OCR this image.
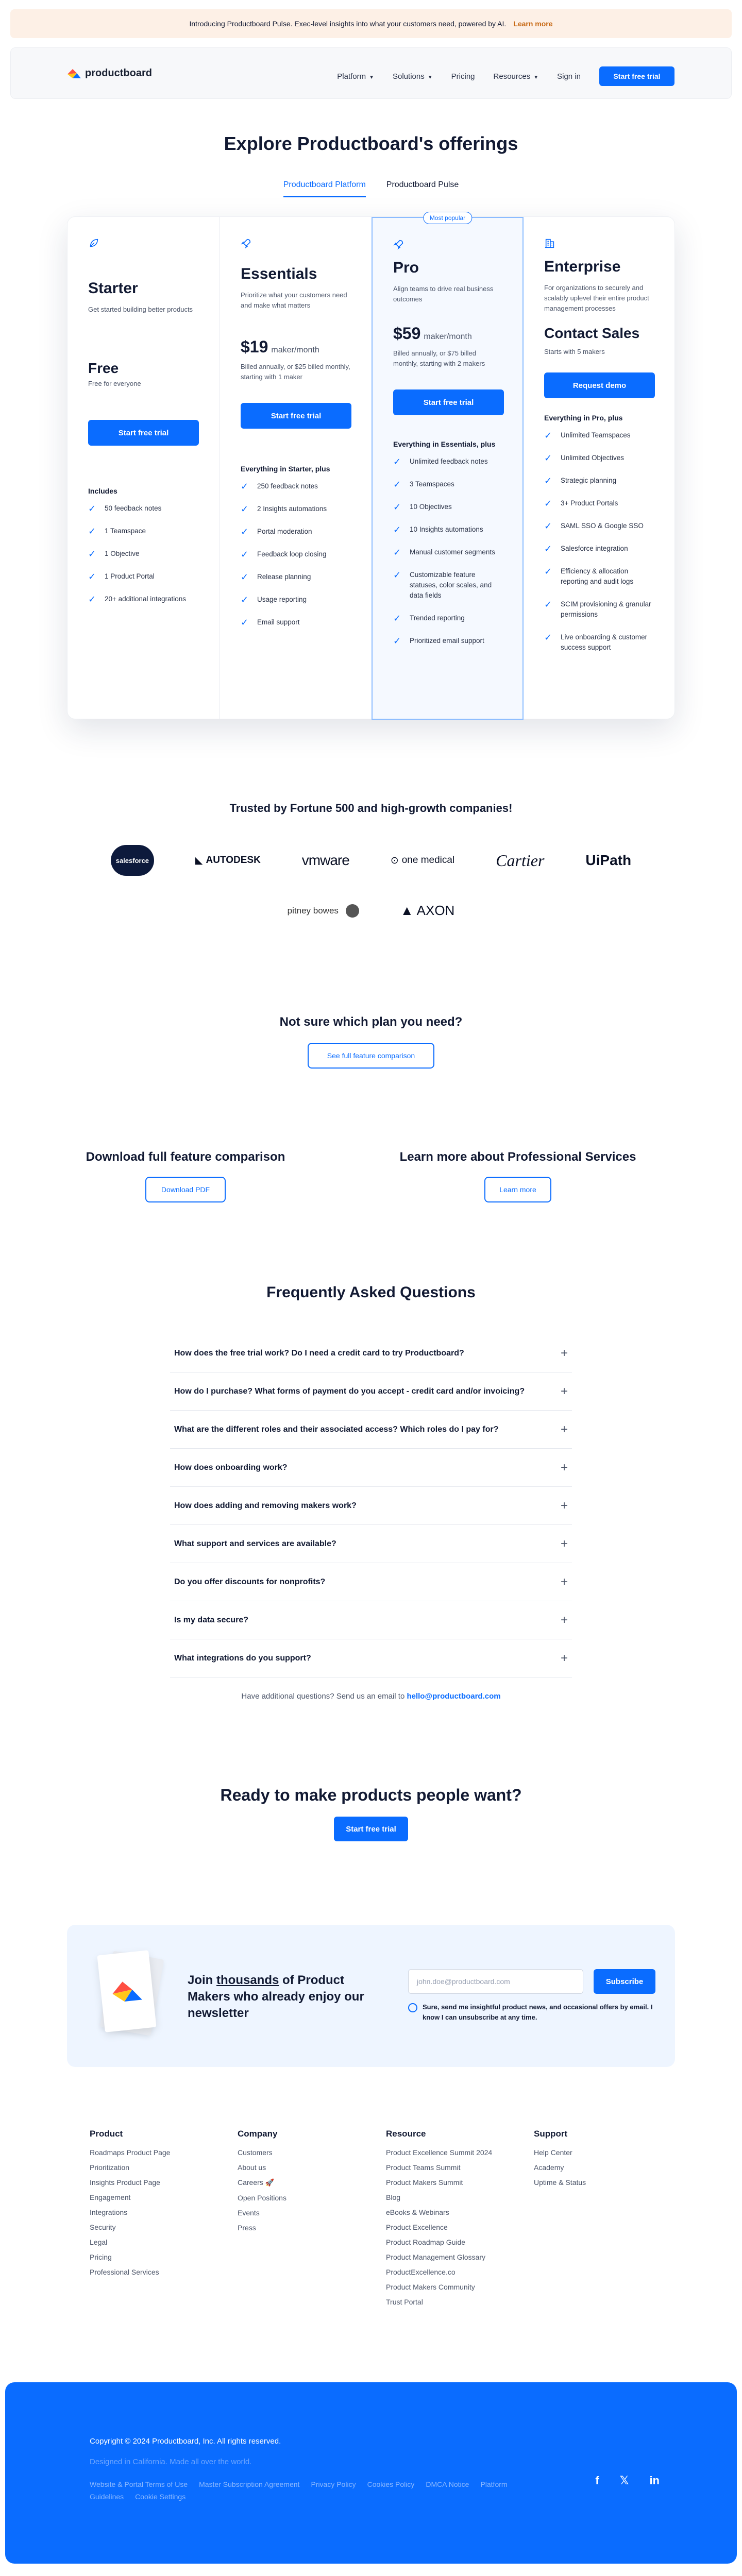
Introducing Productboard Pulse. Exec-level insights into what your customers need, powered by AI. Learn more
productboard	Platform ▼ Solutions ▼ Pricing Resources ▼ Sign in	Start free trial
Explore Productboard's offerings
Productboard Platform	Productboard Pulse
Starter
Get started building better products
Free
Free for everyone
Start free trial
Includes
✓ 50 feedback notes
✓ 1 Teamspace
✓ 1 Objective
✓ 1 Product Portal
✓ 20+ additional integrations
Essentials
Prioritize what your customers need and make what matters
$19 maker/month
Billed annually, or $25 billed monthly, starting with 1 maker
Start free trial
Everything in Starter, plus
✓ 250 feedback notes
✓ 2 Insights automations
✓ Portal moderation
✓ Feedback loop closing
✓ Release planning
✓ Usage reporting
✓ Email support
Most popular
Pro
Align teams to drive real business outcomes
$59 maker/month
Billed annually, or $75 billed monthly, starting with 2 makers
Start free trial
Everything in Essentials, plus
✓ Unlimited feedback notes
✓ 3 Teamspaces
✓ 10 Objectives
✓ 10 Insights automations
✓ Manual customer segments
✓ Customizable feature statuses, color scales, and data fields
✓ Trended reporting
✓ Prioritized email support
Enterprise
For organizations to securely and scalably uplevel their entire product management processes
Contact Sales
Starts with 5 makers
Request demo
Everything in Pro, plus
✓ Unlimited Teamspaces
✓ Unlimited Objectives
✓ Strategic planning
✓ 3+ Product Portals
✓ SAML SSO & Google SSO
✓ Salesforce integration
✓ Efficiency & allocation reporting and audit logs
✓ SCIM provisioning & granular permissions
✓ Live onboarding & customer success support
Trusted by Fortune 500 and high-growth companies!
salesforce	◣ AUTODESK	vmware	⊙ one medical	Cartier	UiPath
pitney bowes	▲ AXON
Not sure which plan you need?
See full feature comparison
Download full feature comparison
Download PDF
Learn more about Professional Services
Learn more
Frequently Asked Questions
How does the free trial work? Do I need a credit card to try Productboard?	+
How do I purchase? What forms of payment do you accept - credit card and/or invoicing?	+
What are the different roles and their associated access? Which roles do I pay for?	+
How does onboarding work?	+
How does adding and removing makers work?	+
What support and services are available?	+
Do you offer discounts for nonprofits?	+
Is my data secure?	+
What integrations do you support?	+
Have additional questions? Send us an email to hello@productboard.com
Ready to make products people want?
Start free trial
Join thousands of Product Makers who already enjoy our newsletter
john.doe@productboard.com	Subscribe
Sure, send me insightful product news, and occasional offers by email. I know I can unsubscribe at any time.
Product
Roadmaps Product Page
Prioritization
Insights Product Page
Engagement
Integrations
Security
Legal
Pricing
Professional Services
Company
Customers
About us
Careers 🚀
Open Positions
Events
Press
Resource
Product Excellence Summit 2024
Product Teams Summit
Product Makers Summit
Blog
eBooks & Webinars
Product Excellence
Product Roadmap Guide
Product Management Glossary
ProductExcellence.co
Product Makers Community
Trust Portal
Support
Help Center
Academy
Uptime & Status
Copyright © 2024 Productboard, Inc. All rights reserved.
Designed in California. Made all over the world.
Website & Portal Terms of Use Master Subscription Agreement Privacy Policy Cookies Policy DMCA Notice Platform Guidelines Cookie Settings
f 𝕏 in
